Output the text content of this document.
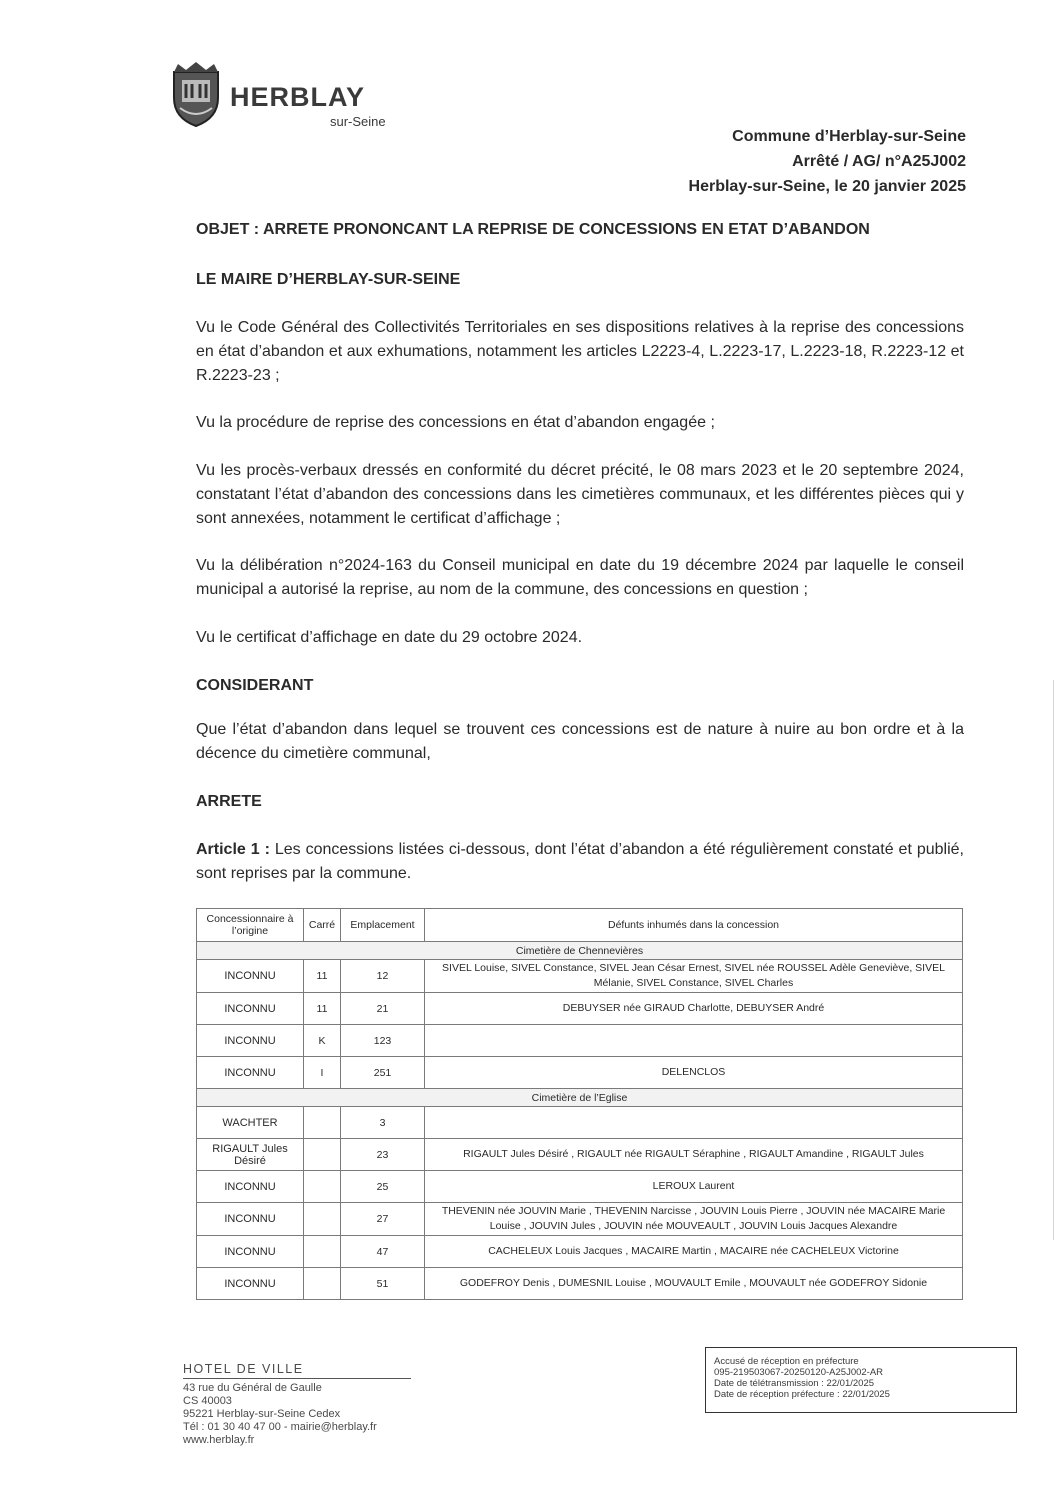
HERBLAY
sur-Seine
Commune d’Herblay-sur-Seine
Arrêté / AG/ n°A25J002
Herblay-sur-Seine, le 20 janvier 2025
OBJET : ARRETE PRONONCANT LA REPRISE DE CONCESSIONS EN ETAT D’ABANDON
LE MAIRE D’HERBLAY-SUR-SEINE
Vu le Code Général des Collectivités Territoriales en ses dispositions relatives à la reprise des concessions en état d’abandon et aux exhumations, notamment les articles L2223-4, L.2223-17, L.2223-18, R.2223-12 et R.2223-23 ;
Vu la procédure de reprise des concessions en état d’abandon engagée ;
Vu les procès-verbaux dressés en conformité du décret précité, le 08 mars 2023 et le 20 septembre 2024, constatant l’état d’abandon des concessions dans les cimetières communaux, et les différentes pièces qui y sont annexées, notamment le certificat d’affichage ;
Vu la délibération n°2024-163 du Conseil municipal en date du 19 décembre 2024 par laquelle le conseil municipal a autorisé la reprise, au nom de la commune, des concessions en question ;
Vu le certificat d’affichage en date du 29 octobre 2024.
CONSIDERANT
Que l’état d’abandon dans lequel se trouvent ces concessions est de nature à nuire au bon ordre et à la décence du cimetière communal,
ARRETE
Article 1 : Les concessions listées ci-dessous, dont l’état d’abandon a été régulièrement constaté et publié, sont reprises par la commune.
Concessionnaire à l’origine	Carré	Emplacement	Défunts inhumés dans la concession
Cimetière de Chennevières			
INCONNU	11	12	SIVEL Louise, SIVEL Constance, SIVEL Jean César Ernest, SIVEL née ROUSSEL Adèle Geneviève, SIVEL Mélanie, SIVEL Constance, SIVEL Charles
INCONNU	11	21	DEBUYSER née GIRAUD Charlotte, DEBUYSER André
INCONNU	K	123	
INCONNU	I	251	DELENCLOS
Cimetière de l’Eglise			
WACHTER		3	
RIGAULT Jules Désiré		23	RIGAULT Jules Désiré , RIGAULT née RIGAULT Séraphine , RIGAULT Amandine , RIGAULT Jules
INCONNU		25	LEROUX Laurent
INCONNU		27	THEVENIN née JOUVIN Marie , THEVENIN Narcisse , JOUVIN Louis Pierre , JOUVIN née MACAIRE Marie Louise , JOUVIN Jules , JOUVIN née MOUVEAULT , JOUVIN Louis Jacques Alexandre
INCONNU		47	CACHELEUX Louis Jacques , MACAIRE Martin , MACAIRE née CACHELEUX Victorine
INCONNU		51	GODEFROY Denis , DUMESNIL Louise , MOUVAULT Emile , MOUVAULT née GODEFROY Sidonie
HOTEL DE VILLE
43 rue du Général de Gaulle
CS 40003
95221 Herblay-sur-Seine Cedex
Tél : 01 30 40 47 00 - mairie@herblay.fr
www.herblay.fr
Accusé de réception en préfecture
095-219503067-20250120-A25J002-AR
Date de télétransmission : 22/01/2025
Date de réception préfecture : 22/01/2025
